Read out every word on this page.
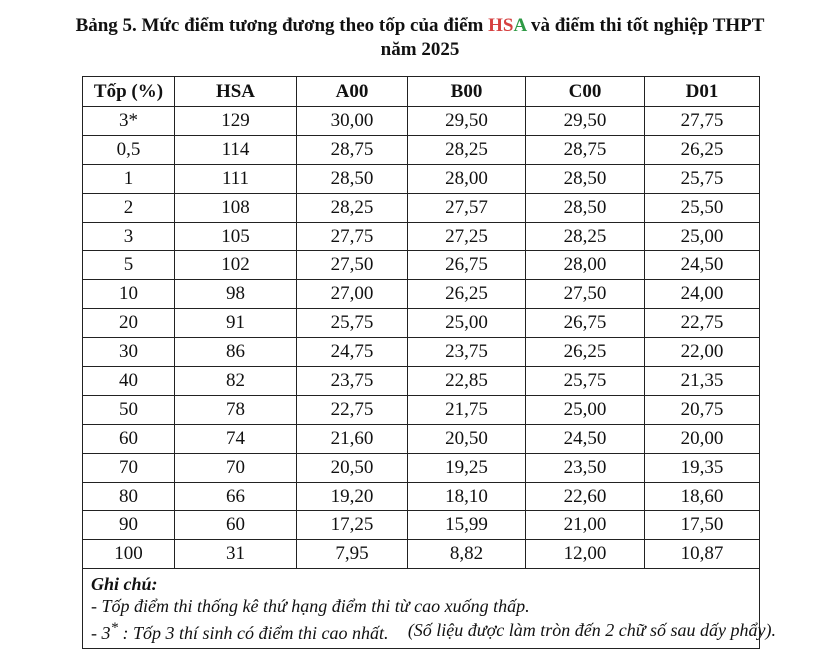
Bảng 5. Mức điểm tương đương theo tốp của điểm HSA và điểm thi tốt nghiệp THPT
năm 2025
Tốp (%)	HSA	A00	B00	C00	D01
3*	129	30,00	29,50	29,50	27,75
0,5	114	28,75	28,25	28,75	26,25
1	111	28,50	28,00	28,50	25,75
2	108	28,25	27,57	28,50	25,50
3	105	27,75	27,25	28,25	25,00
5	102	27,50	26,75	28,00	24,50
10	98	27,00	26,25	27,50	24,00
20	91	25,75	25,00	26,75	22,75
30	86	24,75	23,75	26,25	22,00
40	82	23,75	22,85	25,75	21,35
50	78	22,75	21,75	25,00	20,75
60	74	21,60	20,50	24,50	20,00
70	70	20,50	19,25	23,50	19,35
80	66	19,20	18,10	22,60	18,60
90	60	17,25	15,99	21,00	17,50
100	31	7,95	8,82	12,00	10,87

Ghi chú:
- Tốp điểm thi thống kê thứ hạng điểm thi từ cao xuống thấp.
- 3* : Tốp 3 thí sinh có điểm thi cao nhất.						(Số liệu được làm tròn đến 2 chữ số sau dấy phẩy).
